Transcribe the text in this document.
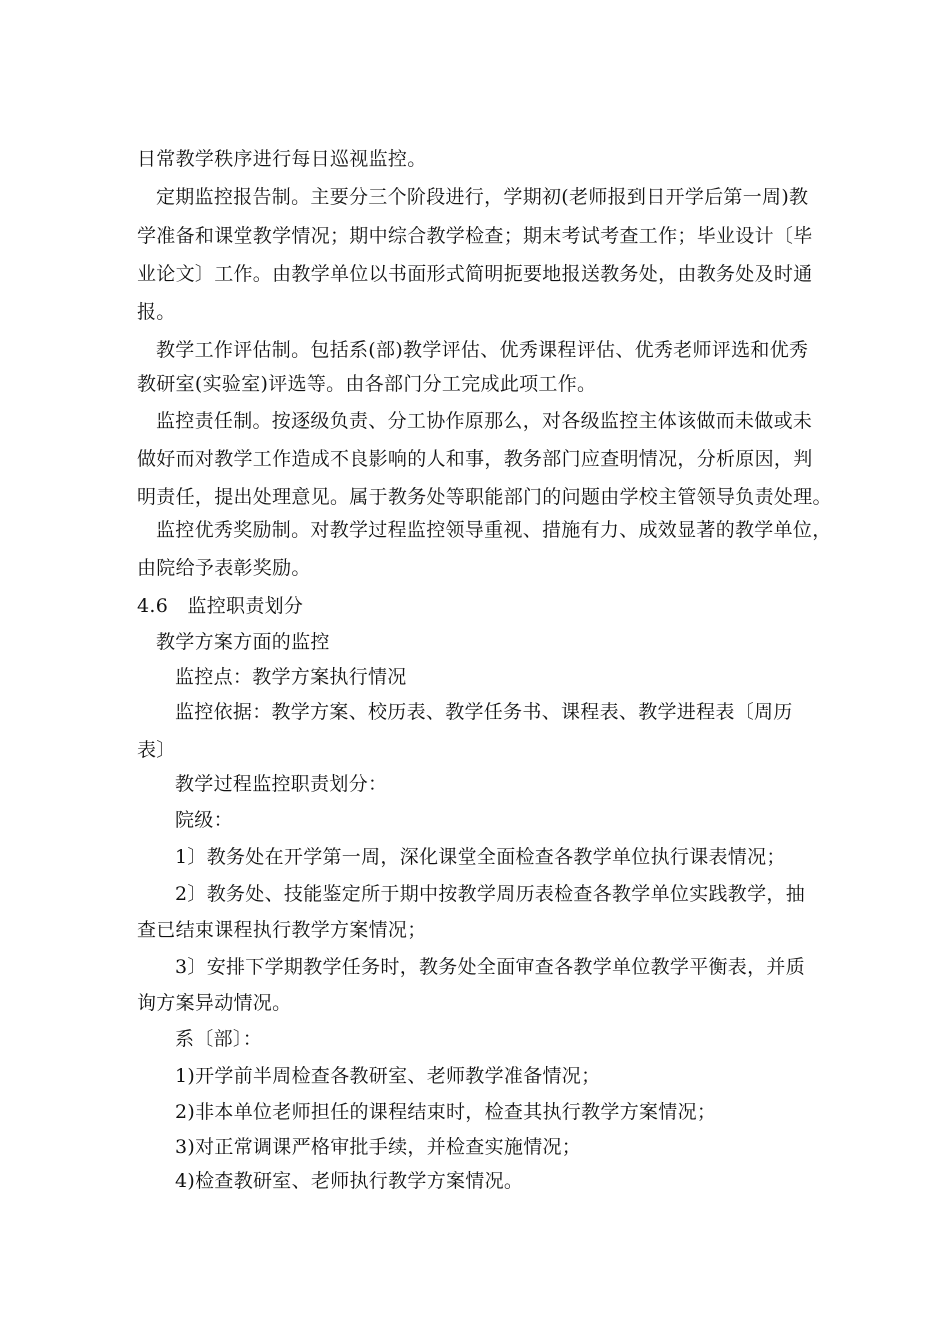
日常教学秩序进行每日巡视监控。
定期监控报告制。主要分三个阶段进行，学期初(老师报到日开学后第一周)教
学准备和课堂教学情况；期中综合教学检查；期末考试考查工作；毕业设计〔毕
业论文〕工作。由教学单位以书面形式简明扼要地报送教务处，由教务处及时通
报。
教学工作评估制。包括系(部)教学评估、优秀课程评估、优秀老师评选和优秀
教研室(实验室)评选等。由各部门分工完成此项工作。
监控责任制。按逐级负责、分工协作原那么，对各级监控主体该做而未做或未
做好而对教学工作造成不良影响的人和事，教务部门应查明情况，分析原因，判
明责任，提出处理意见。属于教务处等职能部门的问题由学校主管领导负责处理。
监控优秀奖励制。对教学过程监控领导重视、措施有力、成效显著的教学单位，
由院给予表彰奖励。
4.6　监控职责划分
教学方案方面的监控
监控点：教学方案执行情况
监控依据：教学方案、校历表、教学任务书、课程表、教学进程表〔周历
表〕
教学过程监控职责划分：
院级：
1〕教务处在开学第一周，深化课堂全面检查各教学单位执行课表情况；
2〕教务处、技能鉴定所于期中按教学周历表检查各教学单位实践教学，抽
查已结束课程执行教学方案情况；
3〕安排下学期教学任务时，教务处全面审查各教学单位教学平衡表，并质
询方案异动情况。
系〔部〕：
1)开学前半周检查各教研室、老师教学准备情况；
2)非本单位老师担任的课程结束时，检查其执行教学方案情况；
3)对正常调课严格审批手续，并检查实施情况；
4)检查教研室、老师执行教学方案情况。
